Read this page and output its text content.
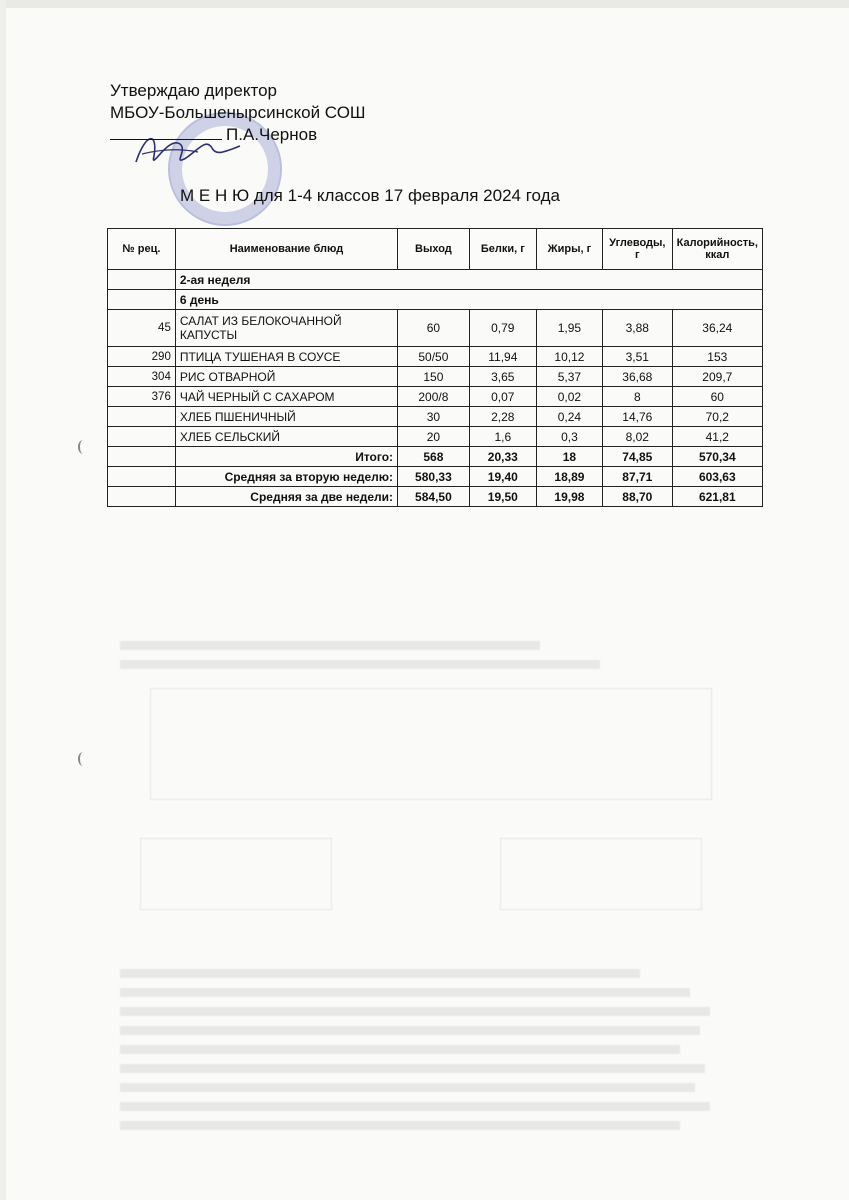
Утверждаю директор
МБОУ-Большенырсинской СОШ
П.А.Чернов
М Е Н Ю для 1-4 классов 17 февраля 2024 года
№ рец.	Наименование блюд	Выход	Белки, г	Жиры, г	Углеводы, г	Калорийность, ккал
	2-ая неделя					
	6 день					
45	САЛАТ ИЗ БЕЛОКОЧАННОЙ КАПУСТЫ	60	0,79	1,95	3,88	36,24
290	ПТИЦА ТУШЕНАЯ В СОУСЕ	50/50	11,94	10,12	3,51	153
304	РИС ОТВАРНОЙ	150	3,65	5,37	36,68	209,7
376	ЧАЙ ЧЕРНЫЙ С САХАРОМ	200/8	0,07	0,02	8	60
	ХЛЕБ ПШЕНИЧНЫЙ	30	2,28	0,24	14,76	70,2
	ХЛЕБ СЕЛЬСКИЙ	20	1,6	0,3	8,02	41,2
	Итого:	568	20,33	18	74,85	570,34
	Средняя за вторую неделю:	580,33	19,40	18,89	87,71	603,63
	Средняя за две недели:	584,50	19,50	19,98	88,70	621,81
